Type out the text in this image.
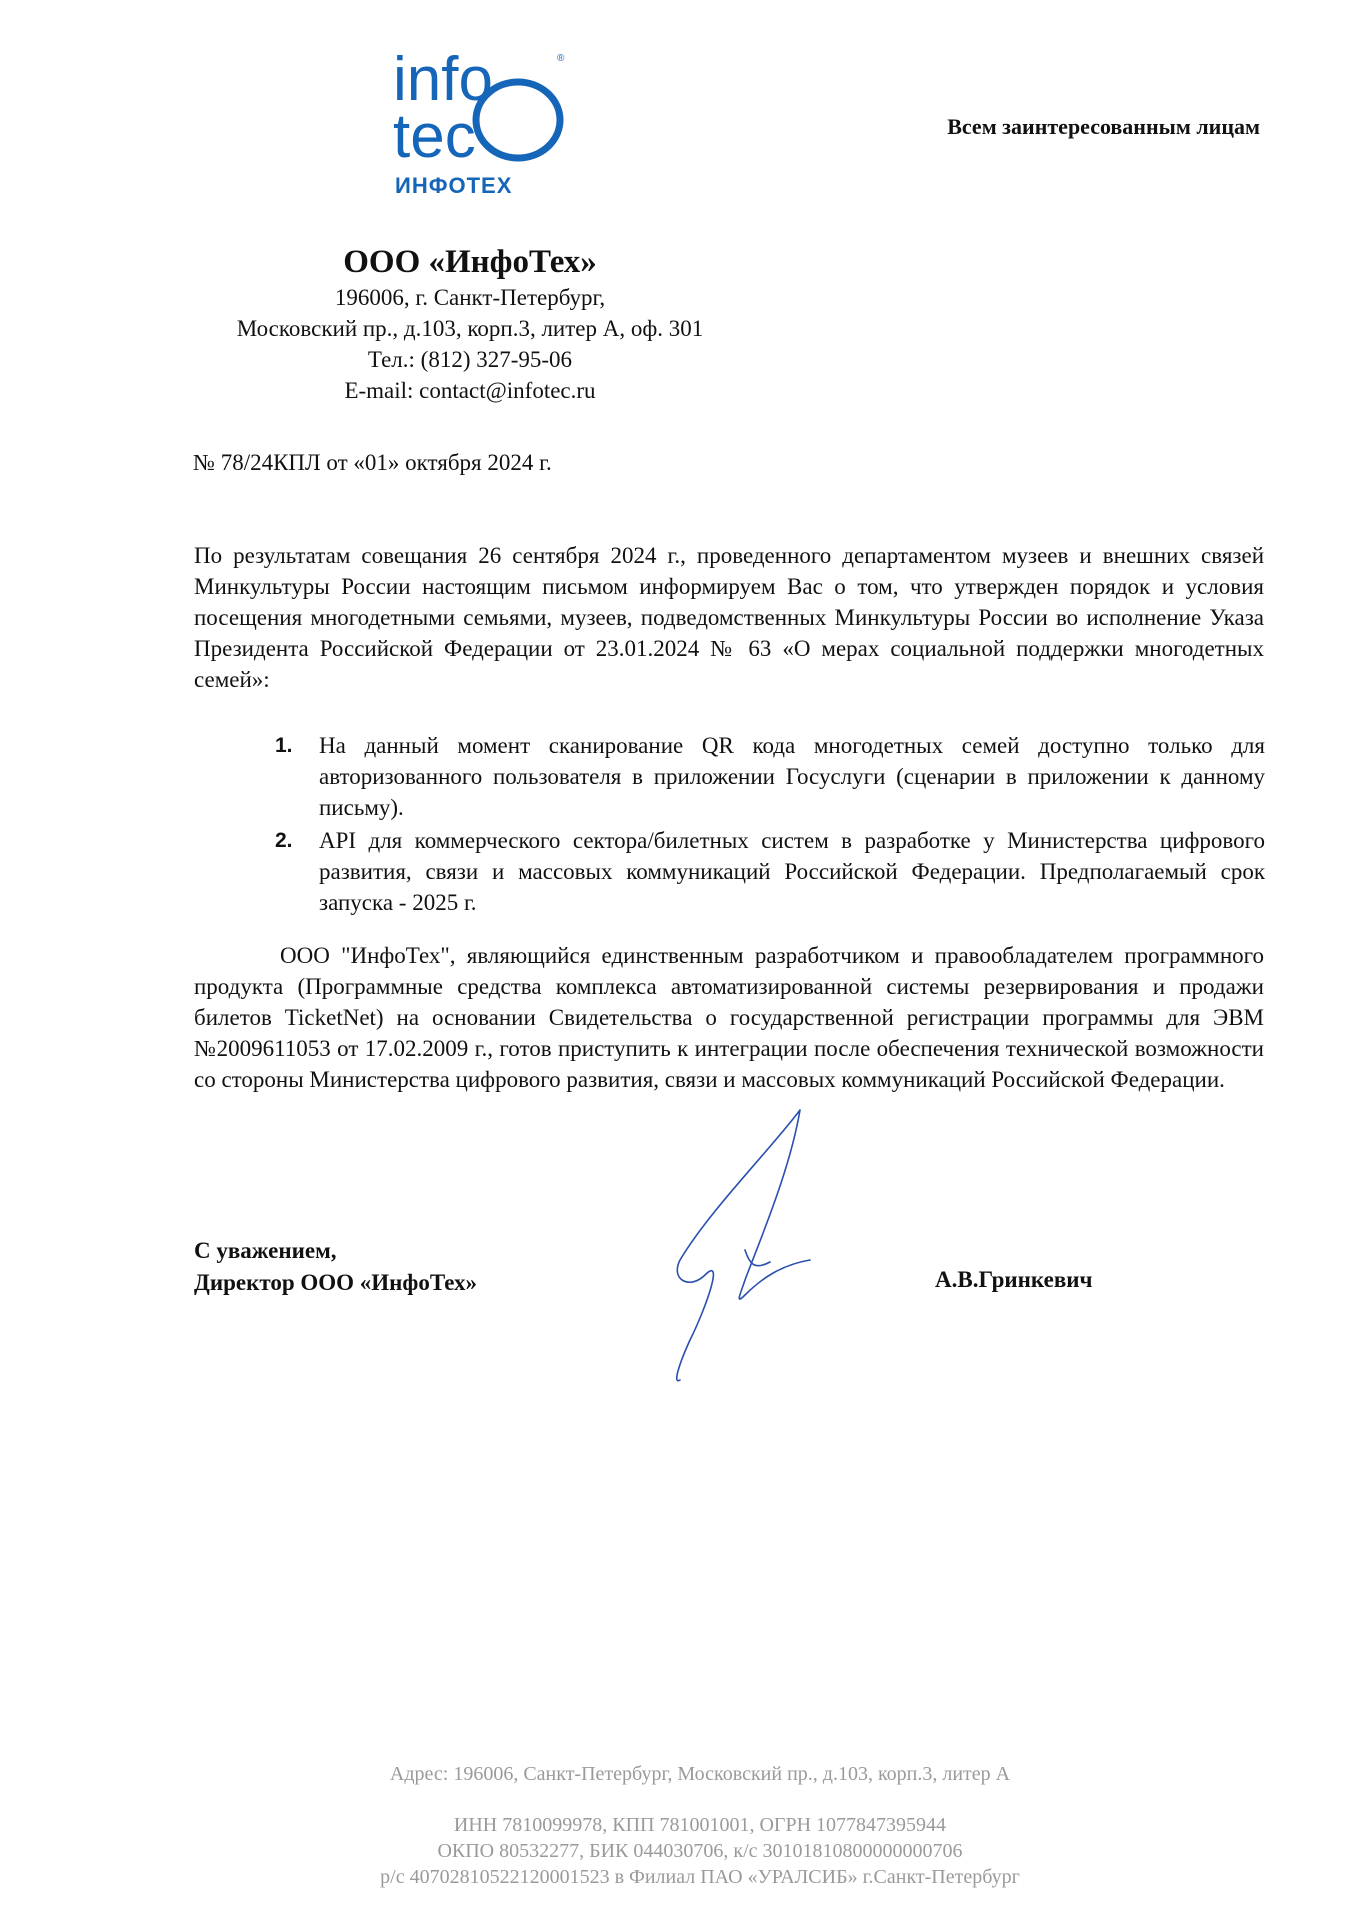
info
tec
®
ИНФОТЕХ
Всем заинтересованным лицам
ООО «ИнфоТех»
196006, г. Санкт-Петербург,
Московский пр., д.103, корп.3, литер А, оф. 301
Тел.: (812) 327-95-06
E-mail: contact@infotec.ru
№ 78/24КПЛ от «01» октября 2024 г.
По результатам совещания 26 сентября 2024 г., проведенного департаментом музеев и внешних связей Минкультуры России настоящим письмом информируем Вас о том, что утвержден порядок и условия посещения многодетными семьями, музеев, подведомственных Минкультуры России во исполнение Указа Президента Российской Федерации от 23.01.2024 № 63 «О мерах социальной поддержки многодетных семей»:
1. На данный момент сканирование QR кода многодетных семей доступно только для авторизованного пользователя в приложении Госуслуги (сценарии в приложении к данному письму).
2. API для коммерческого сектора/билетных систем в разработке у Министерства цифрового развития, связи и массовых коммуникаций Российской Федерации. Предполагаемый срок запуска - 2025 г.
ООО "ИнфоТех", являющийся единственным разработчиком и правообладателем программного продукта (Программные средства комплекса автоматизированной системы резервирования и продажи билетов TicketNet) на основании Свидетельства о государственной регистрации программы для ЭВМ №2009611053 от 17.02.2009 г., готов приступить к интеграции после обеспечения технической возможности со стороны Министерства цифрового развития, связи и массовых коммуникаций Российской Федерации.
С уважением,
Директор ООО «ИнфоТех»	А.В.Гринкевич
Адрес: 196006, Санкт-Петербург, Московский пр., д.103, корп.3, литер А
ИНН 7810099978, КПП 781001001, ОГРН 1077847395944
ОКПО 80532277, БИК 044030706, к/с 30101810800000000706
р/с 40702810522120001523 в Филиал ПАО «УРАЛСИБ» г.Санкт-Петербург
